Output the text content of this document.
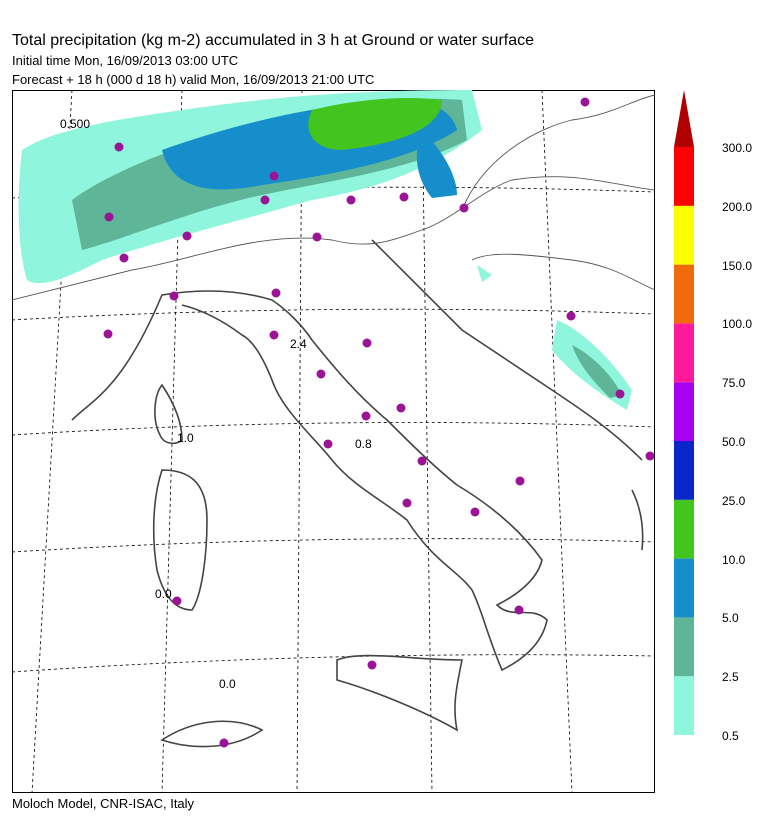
Total precipitation (kg m-2) accumulated in 3 h at Ground or water surface
Initial time Mon, 16/09/2013 03:00 UTC
Forecast + 18 h (000 d 18 h) valid Mon, 16/09/2013 21:00 UTC
0.500
1.0	0.8
2.4
0.0
0.0
0.5
2.5
5.0
10.0
25.0
50.0
75.0
100.0
150.0
200.0
300.0
Moloch Model, CNR-ISAC, Italy
